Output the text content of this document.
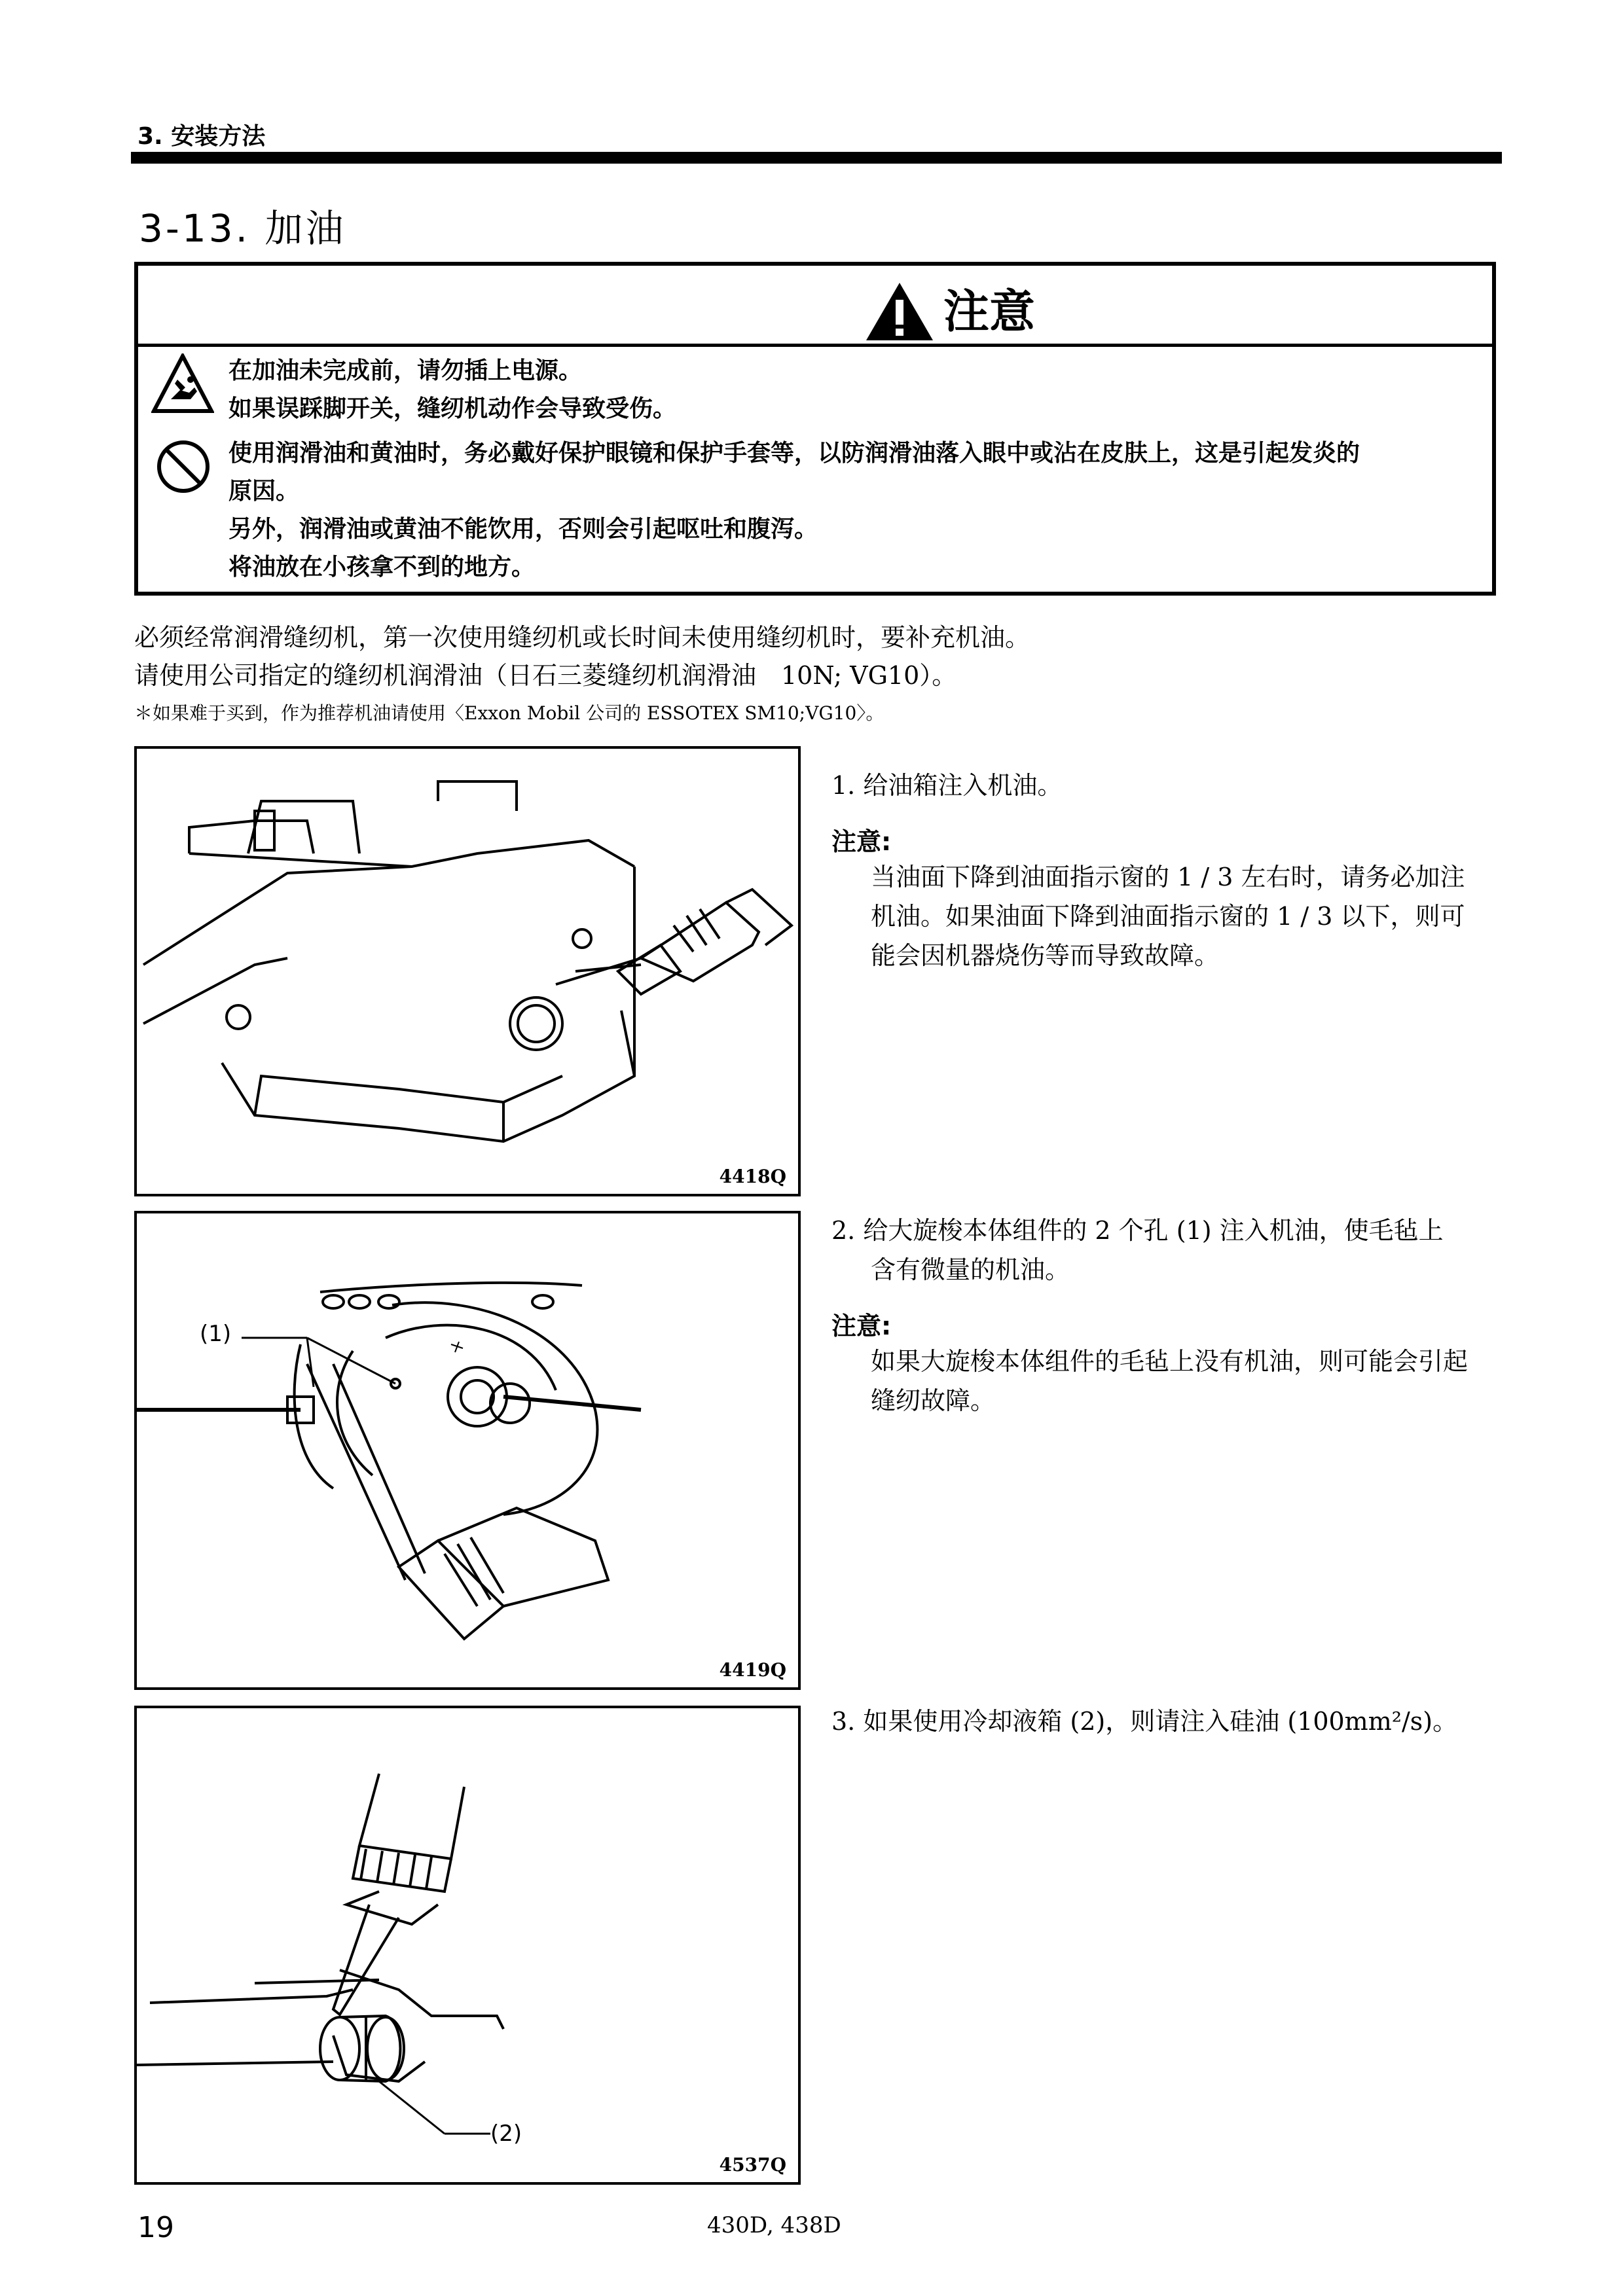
3. 安装方法
3-13. 加油
注意
在加油未完成前，请勿插上电源。
如果误踩脚开关，缝纫机动作会导致受伤。
使用润滑油和黄油时，务必戴好保护眼镜和保护手套等，以防润滑油落入眼中或沾在皮肤上，这是引起发炎的
原因。
另外，润滑油或黄油不能饮用，否则会引起呕吐和腹泻。
将油放在小孩拿不到的地方。
必须经常润滑缝纫机，第一次使用缝纫机或长时间未使用缝纫机时，要补充机油。
请使用公司指定的缝纫机润滑油（日石三菱缝纫机润滑油　10N; VG10）。
＊如果难于买到，作为推荐机油请使用〈Exxon Mobil 公司的 ESSOTEX SM10;VG10〉。
4418Q
(1)
4419Q
(2)
4537Q
1. 给油箱注入机油。
注意:
当油面下降到油面指示窗的 1 / 3 左右时，请务必加注
机油。如果油面下降到油面指示窗的 1 / 3 以下，则可
能会因机器烧伤等而导致故障。
2. 给大旋梭本体组件的 2 个孔 (1) 注入机油，使毛毡上
含有微量的机油。
注意:
如果大旋梭本体组件的毛毡上没有机油，则可能会引起
缝纫故障。
3. 如果使用冷却液箱 (2)，则请注入硅油 (100mm²/s)。
19	430D, 438D
